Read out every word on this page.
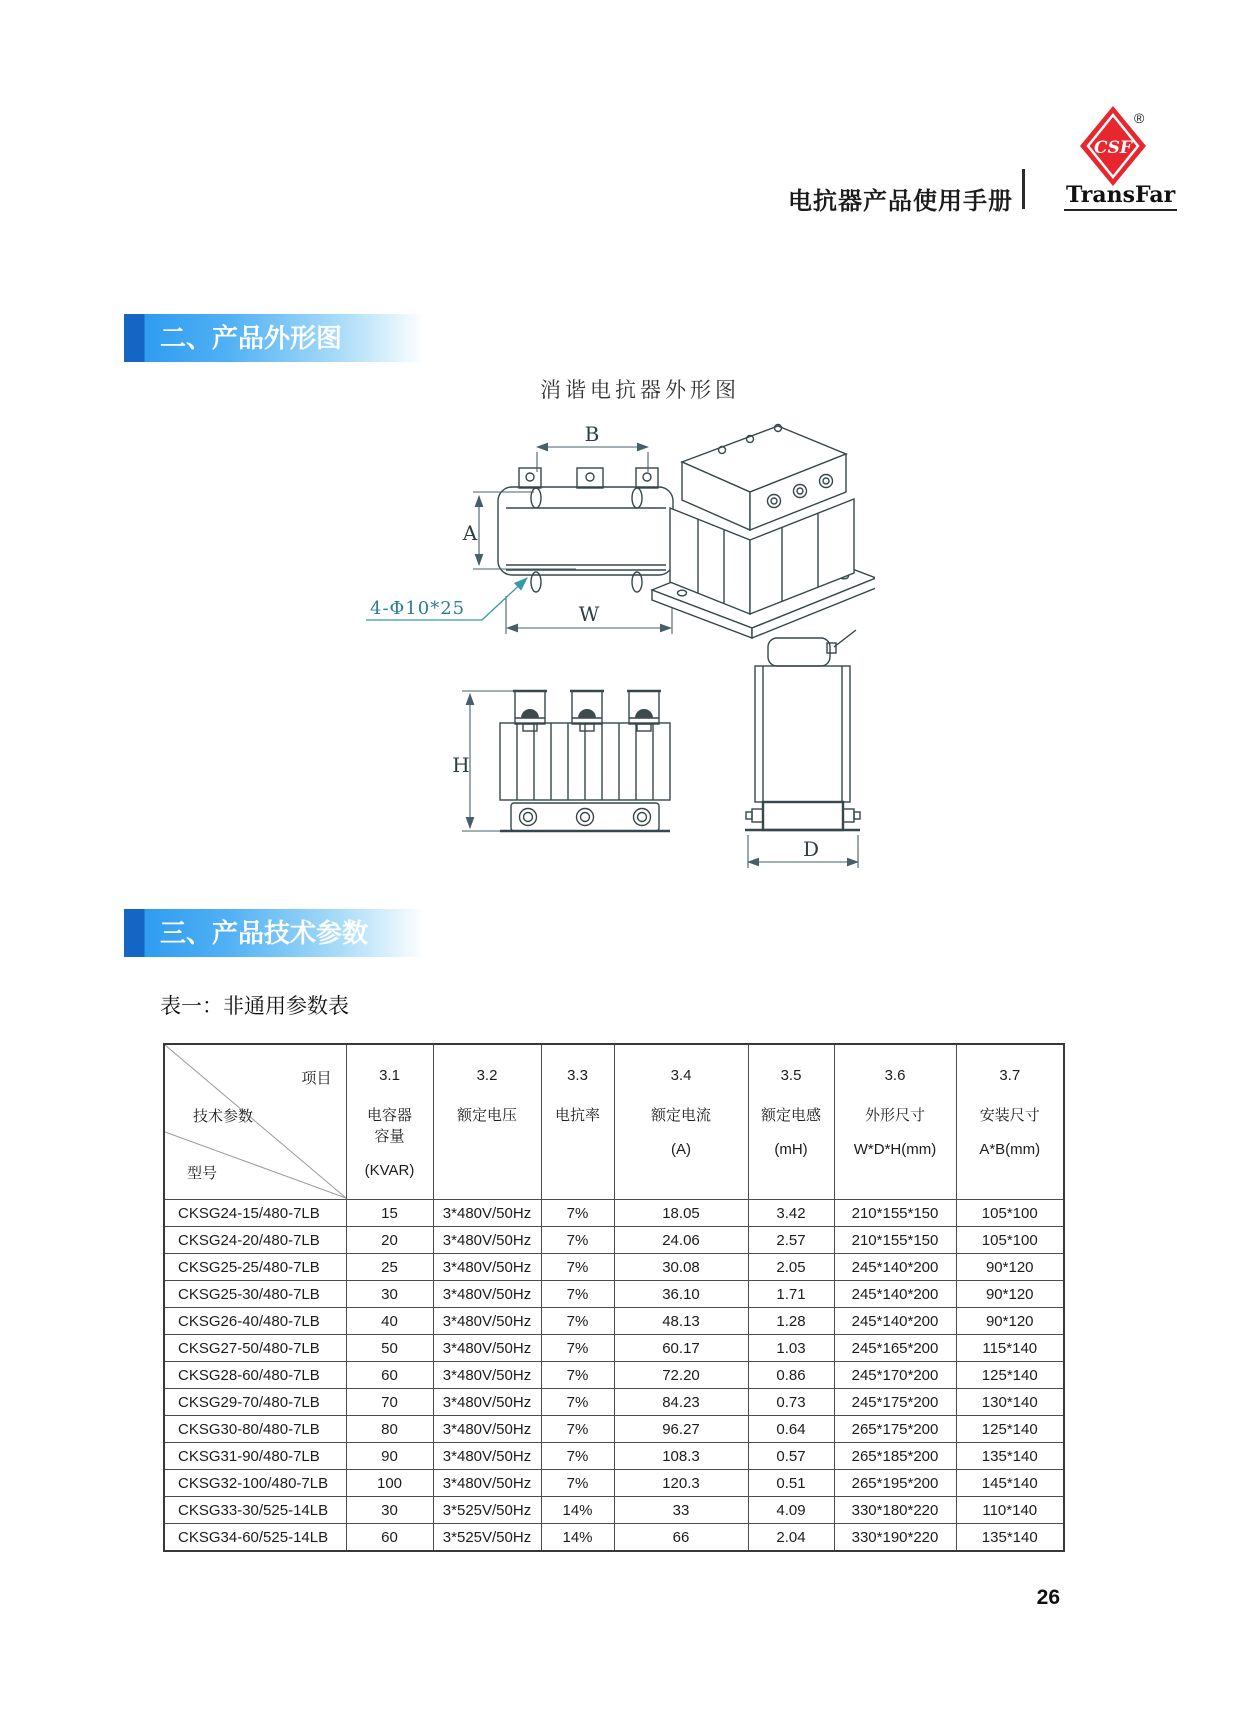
电抗器产品使用手册
CSF
®
TransFar
二、产品外形图
三、产品技术参数
消谐电抗器外形图
B
A
W
4-Φ10*25
H
D
表一：非通用参数表
项目
技术参数
型号

3.1
电容器
容量
(KVAR)

3.2
额定电压

3.3
电抗率

3.4
额定电流
(A)

3.5
额定电感
(mH)

3.6
外形尺寸
W*D*H(mm)

3.7
安装尺寸
A*B(mm)

CKSG24-15/480-7LB	15	3*480V/50Hz	7%	18.05	3.42	210*155*150	105*100
CKSG24-20/480-7LB	20	3*480V/50Hz	7%	24.06	2.57	210*155*150	105*100
CKSG25-25/480-7LB	25	3*480V/50Hz	7%	30.08	2.05	245*140*200	90*120
CKSG25-30/480-7LB	30	3*480V/50Hz	7%	36.10	1.71	245*140*200	90*120
CKSG26-40/480-7LB	40	3*480V/50Hz	7%	48.13	1.28	245*140*200	90*120
CKSG27-50/480-7LB	50	3*480V/50Hz	7%	60.17	1.03	245*165*200	115*140
CKSG28-60/480-7LB	60	3*480V/50Hz	7%	72.20	0.86	245*170*200	125*140
CKSG29-70/480-7LB	70	3*480V/50Hz	7%	84.23	0.73	245*175*200	130*140
CKSG30-80/480-7LB	80	3*480V/50Hz	7%	96.27	0.64	265*175*200	125*140
CKSG31-90/480-7LB	90	3*480V/50Hz	7%	108.3	0.57	265*185*200	135*140
CKSG32-100/480-7LB	100	3*480V/50Hz	7%	120.3	0.51	265*195*200	145*140
CKSG33-30/525-14LB	30	3*525V/50Hz	14%	33	4.09	330*180*220	110*140
CKSG34-60/525-14LB	60	3*525V/50Hz	14%	66	2.04	330*190*220	135*140
26
